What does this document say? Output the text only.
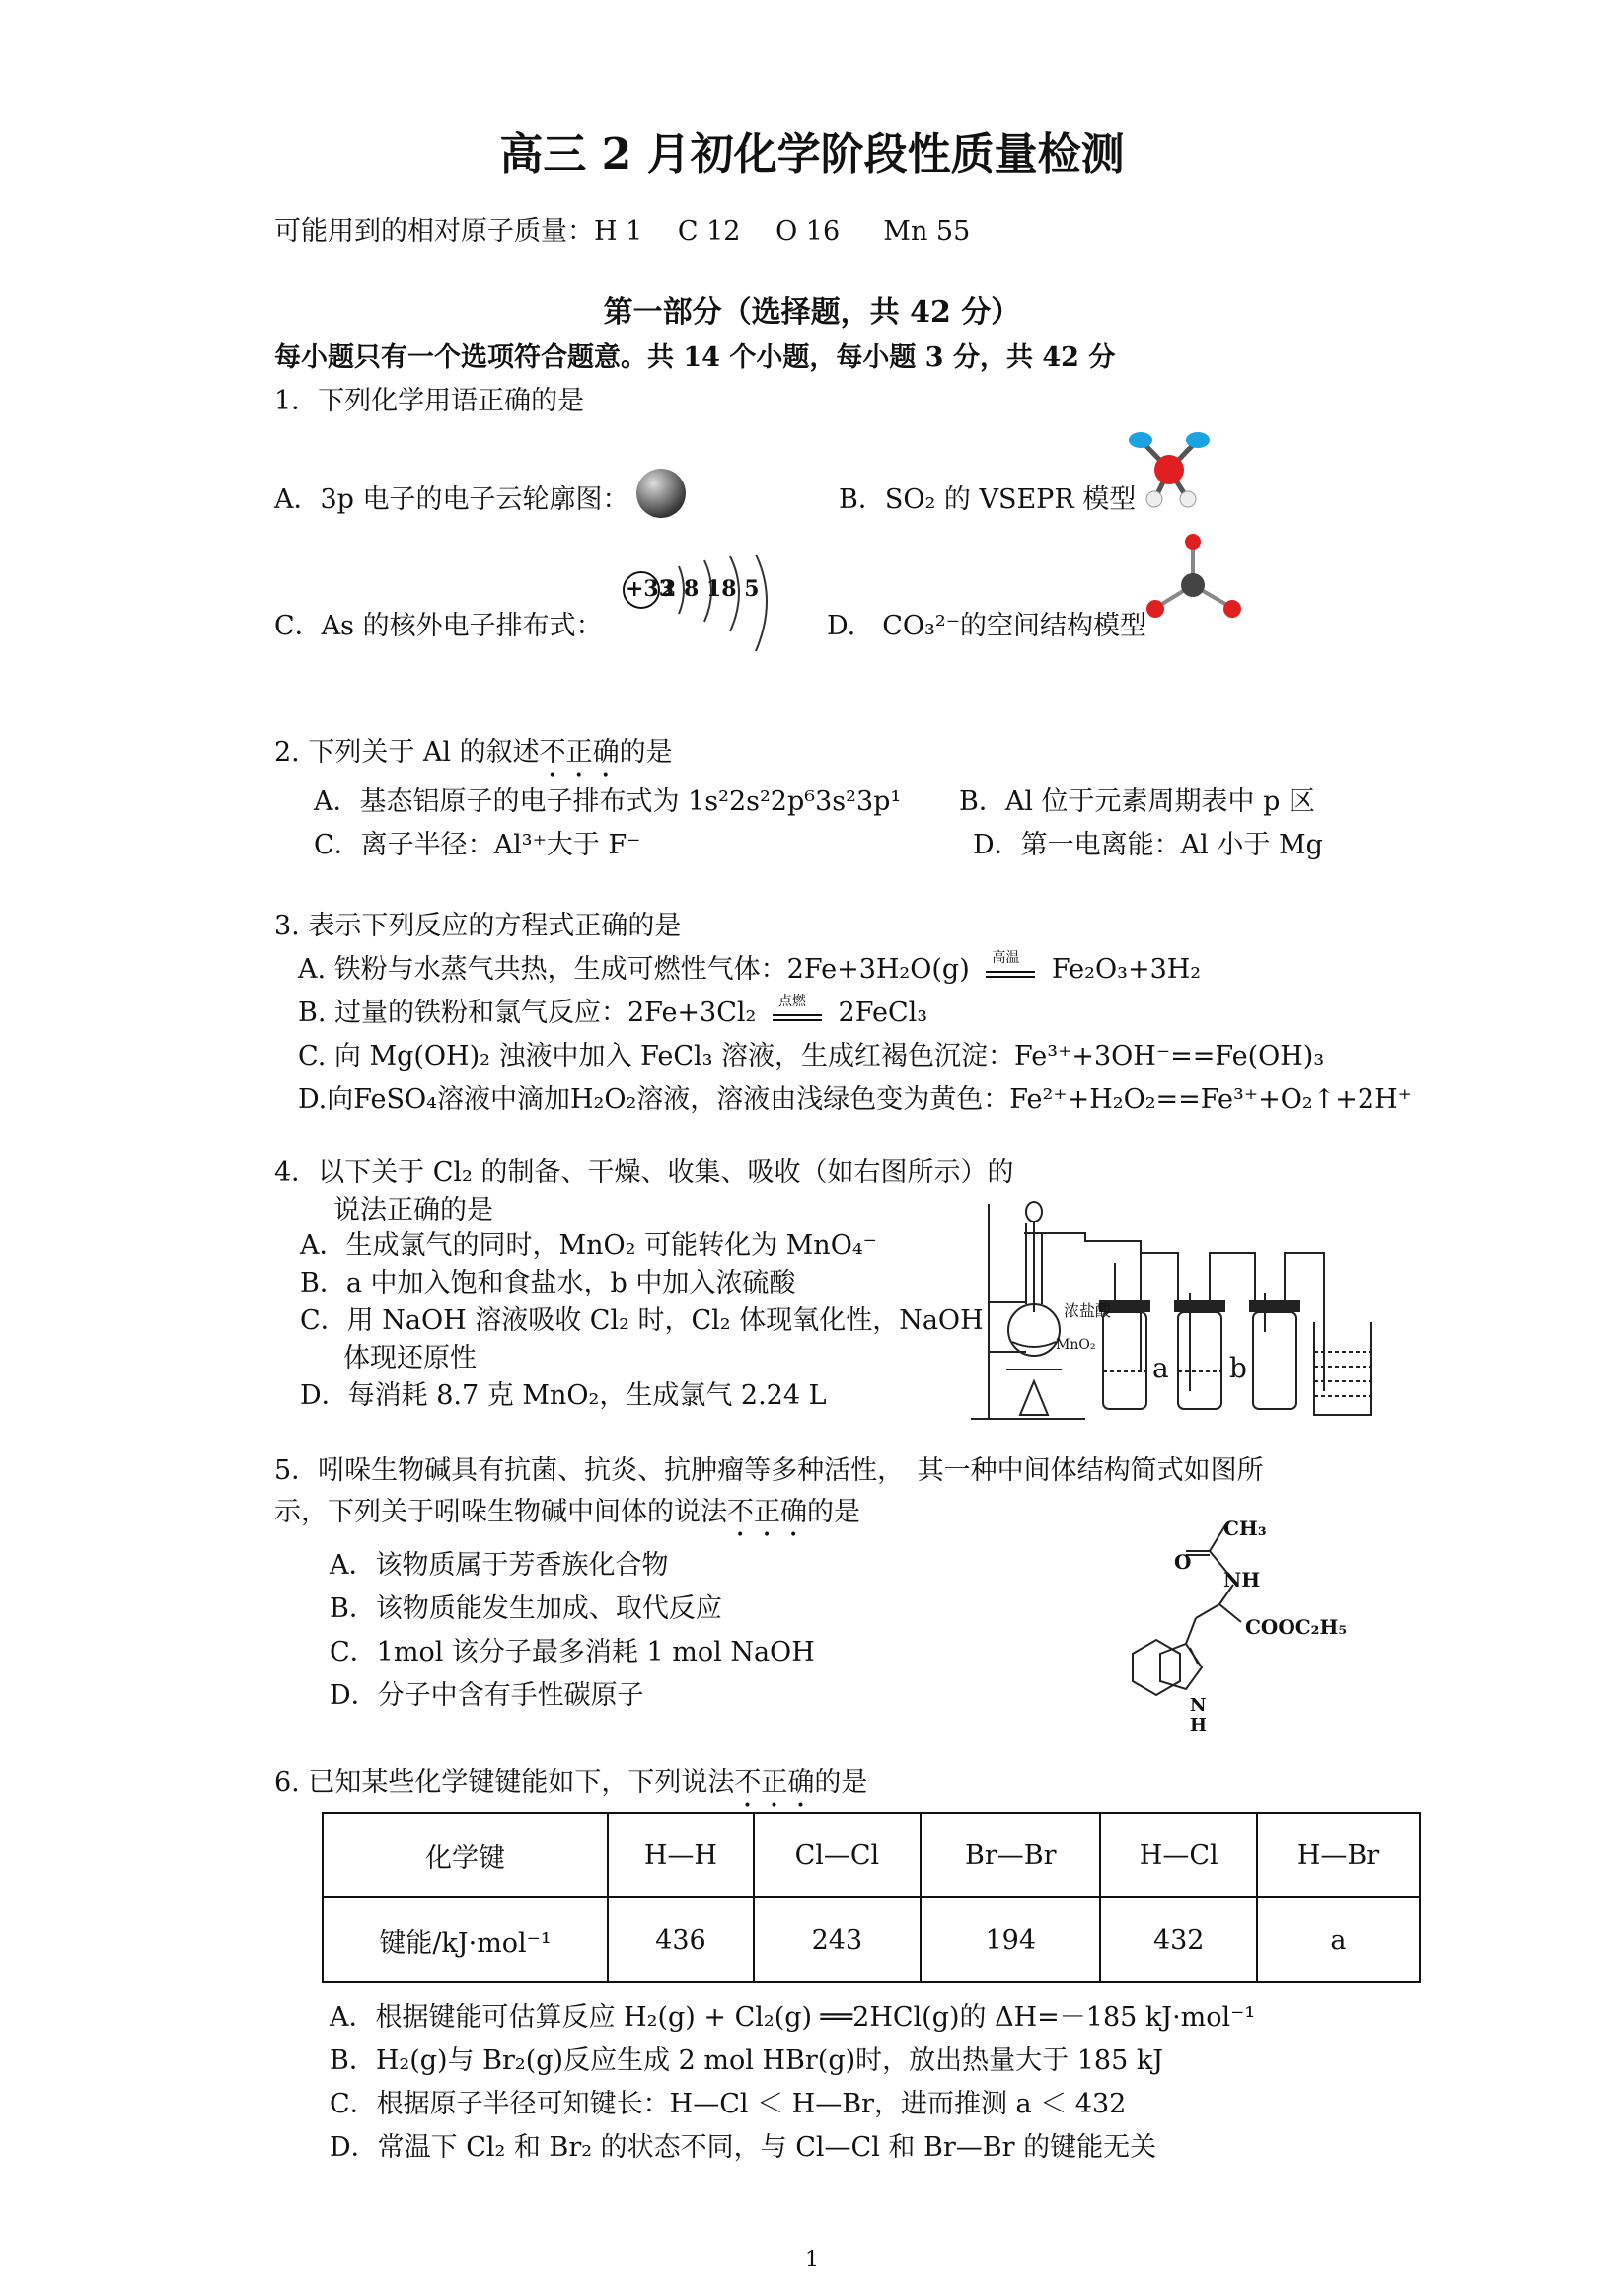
高三 2 月初化学阶段性质量检测
可能用到的相对原子质量：H 1　 C 12　 O 16 　 Mn 55
第一部分（选择题，共 42 分）
每小题只有一个选项符合题意。共 14 个小题，每小题 3 分，共 42 分
1．下列化学用语正确的是
A．3p 电子的电子云轮廓图：	B．SO₂ 的 VSEPR 模型
C．As 的核外电子排布式：
+33
2 8 18 5
D.　CO₃²⁻的空间结构模型
2. 下列关于 Al 的叙述不正确的是
A．基态铝原子的电子排布式为 1s²2s²2p⁶3s²3p¹ B．Al 位于元素周期表中 p 区
C．离子半径：Al³⁺大于 F⁻	D．第一电离能：Al 小于 Mg
3. 表示下列反应的方程式正确的是
A. 铁粉与水蒸气共热，生成可燃性气体：2Fe+3H₂O(g) 高温 Fe₂O₃+3H₂
B. 过量的铁粉和氯气反应：2Fe+3Cl₂ 点燃 2FeCl₃
C. 向 Mg(OH)₂ 浊液中加入 FeCl₃ 溶液，生成红褐色沉淀：Fe³⁺+3OH⁻==Fe(OH)₃
D.向FeSO₄溶液中滴加H₂O₂溶液，溶液由浅绿色变为黄色：Fe²⁺+H₂O₂==Fe³⁺+O₂↑+2H⁺
4．以下关于 Cl₂ 的制备、干燥、收集、吸收（如右图所示）的
说法正确的是
A．生成氯气的同时，MnO₂ 可能转化为 MnO₄⁻
B．a 中加入饱和食盐水，b 中加入浓硫酸
C．用 NaOH 溶液吸收 Cl₂ 时，Cl₂ 体现氧化性，NaOH
体现还原性
D．每消耗 8.7 克 MnO₂，生成氯气 2.24 L
浓盐酸
MnO₂
a b
5．吲哚生物碱具有抗菌、抗炎、抗肿瘤等多种活性，　其一种中间体结构简式如图所
示，下列关于吲哚生物碱中间体的说法不正确的是
A．该物质属于芳香族化合物
B．该物质能发生加成、取代反应
C．1mol 该分子最多消耗 1 mol NaOH
D．分子中含有手性碳原子
CH₃
O
NH
COOC₂H₅
N
H
6. 已知某些化学键键能如下，下列说法不正确的是
化学键	H—H	Cl—Cl	Br—Br	H—Cl	H—Br
键能/kJ·mol⁻¹	436	243	194	432	a
A．根据键能可估算反应 H₂(g) + Cl₂(g) ══2HCl(g)的 ΔH=－185 kJ·mol⁻¹
B．H₂(g)与 Br₂(g)反应生成 2 mol HBr(g)时，放出热量大于 185 kJ
C．根据原子半径可知键长：H—Cl ＜ H—Br，进而推测 a ＜ 432
D．常温下 Cl₂ 和 Br₂ 的状态不同，与 Cl—Cl 和 Br—Br 的键能无关
1
